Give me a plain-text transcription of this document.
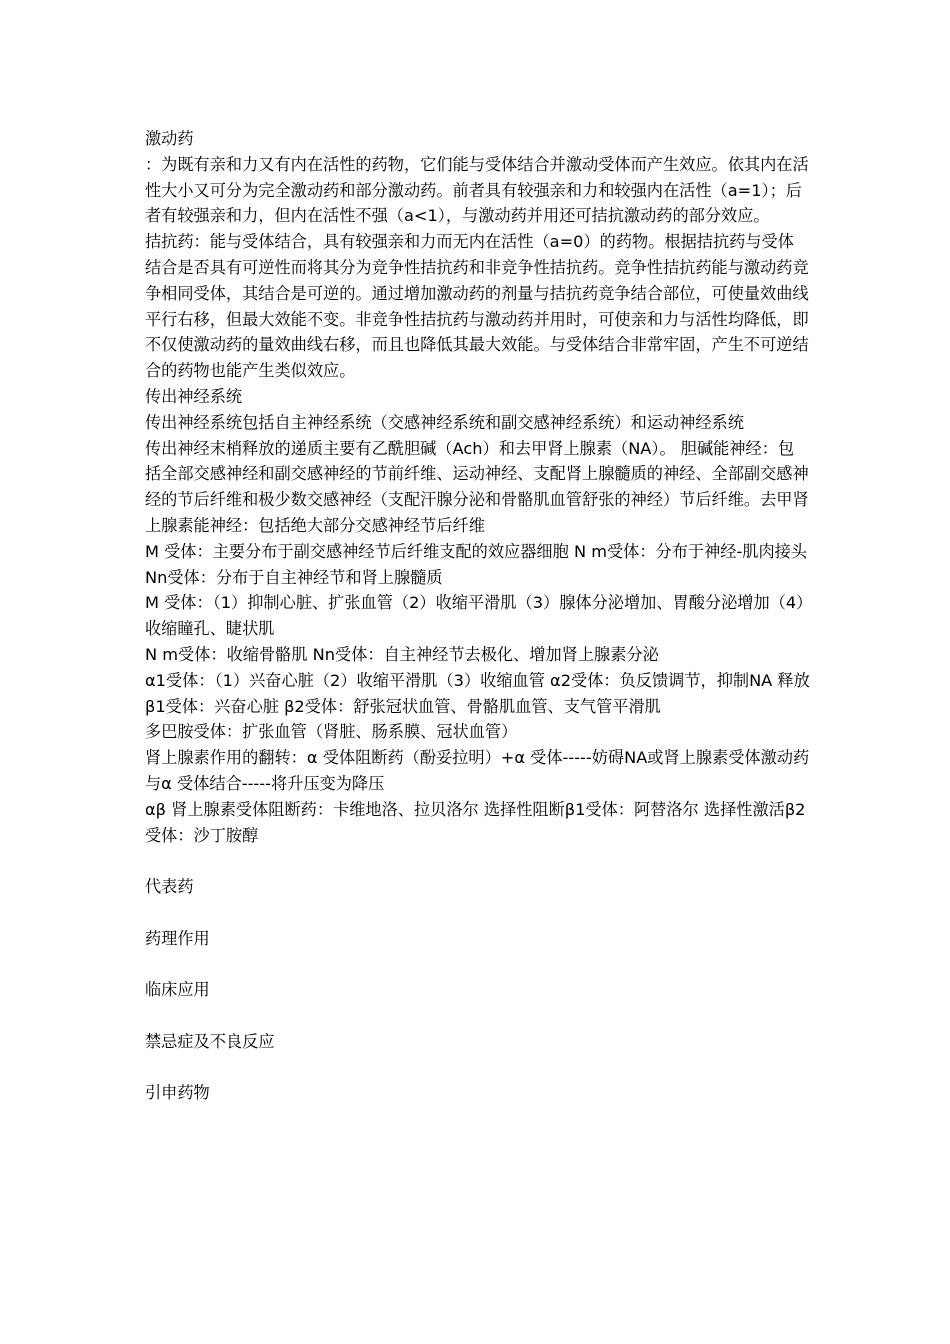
激动药

：为既有亲和力又有内在活性的药物，它们能与受体结合并激动受体而产生效应。依其内在活性大小又可分为完全激动药和部分激动药。前者具有较强亲和力和较强内在活性（a=1）；后者有较强亲和力，但内在活性不强（a<1），与激动药并用还可拮抗激动药的部分效应。

拮抗药：能与受体结合，具有较强亲和力而无内在活性（a=0）的药物。根据拮抗药与受体结合是否具有可逆性而将其分为竞争性拮抗药和非竞争性拮抗药。竞争性拮抗药能与激动药竞争相同受体，其结合是可逆的。通过增加激动药的剂量与拮抗药竞争结合部位，可使量效曲线平行右移，但最大效能不变。非竞争性拮抗药与激动药并用时，可使亲和力与活性均降低，即不仅使激动药的量效曲线右移，而且也降低其最大效能。与受体结合非常牢固，产生不可逆结合的药物也能产生类似效应。

传出神经系统

传出神经系统包括自主神经系统（交感神经系统和副交感神经系统）和运动神经系统

传出神经末梢释放的递质主要有乙酰胆碱（Ach）和去甲肾上腺素（NA）。 胆碱能神经：包括全部交感神经和副交感神经的节前纤维、运动神经、支配肾上腺髓质的神经、全部副交感神经的节后纤维和极少数交感神经（支配汗腺分泌和骨骼肌血管舒张的神经）节后纤维。去甲肾上腺素能神经：包括绝大部分交感神经节后纤维

M 受体：主要分布于副交感神经节后纤维支配的效应器细胞 N m受体：分布于神经-肌肉接头 Nn受体：分布于自主神经节和肾上腺髓质

M 受体：（1）抑制心脏、扩张血管（2）收缩平滑肌（3）腺体分泌增加、胃酸分泌增加（4）收缩瞳孔、睫状肌

N m受体：收缩骨骼肌 Nn受体：自主神经节去极化、增加肾上腺素分泌

α1受体：（1）兴奋心脏（2）收缩平滑肌（3）收缩血管 α2受体：负反馈调节，抑制NA 释放

β1受体：兴奋心脏 β2受体：舒张冠状血管、骨骼肌血管、支气管平滑肌

多巴胺受体：扩张血管（肾脏、肠系膜、冠状血管）

肾上腺素作用的翻转：α 受体阻断药（酚妥拉明）+α 受体-----妨碍NA或肾上腺素受体激动药与α 受体结合-----将升压变为降压

αβ 肾上腺素受体阻断药：卡维地洛、拉贝洛尔 选择性阻断β1受体：阿替洛尔 选择性激活β2受体：沙丁胺醇

代表药

药理作用

临床应用

禁忌症及不良反应

引申药物
